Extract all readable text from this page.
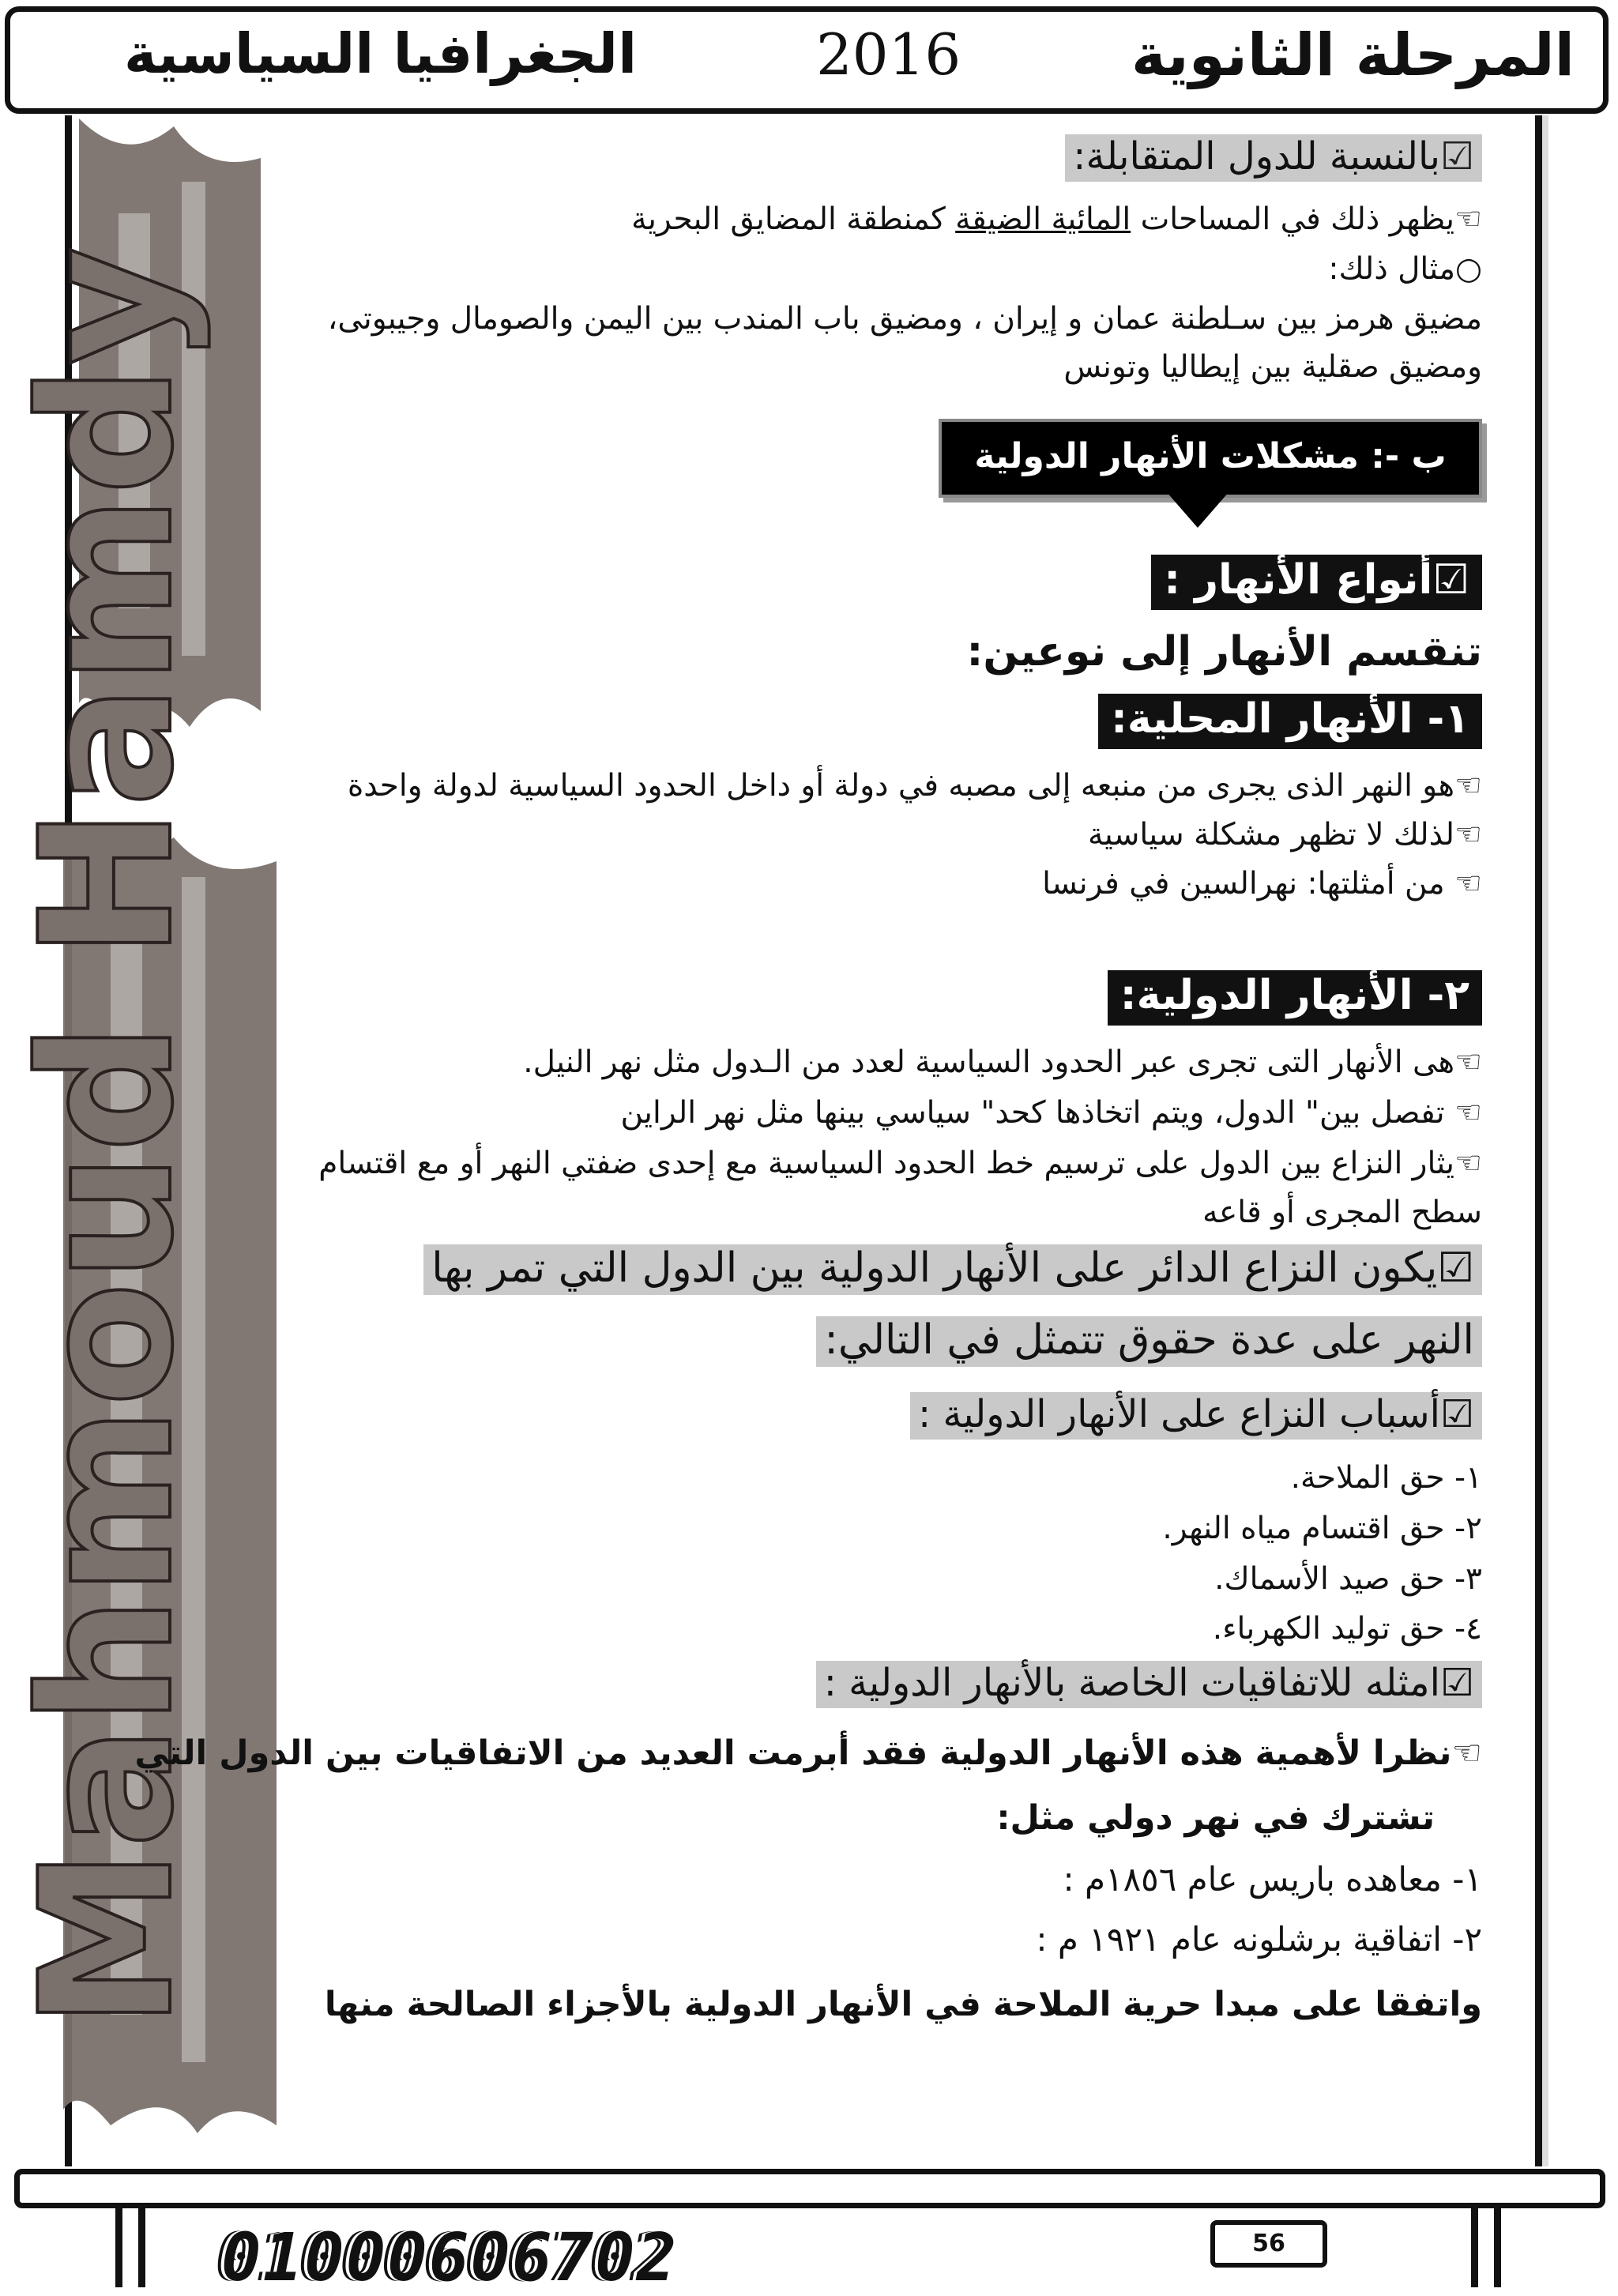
المرحلة الثانوية
2016
الجغرافيا السياسية
Mahmoud Hamdy
☑بالنسبة للدول المتقابلة:
☜يظهر ذلك في المساحات المائية الضيقة كمنطقة المضايق البحرية
○مثال ذلك:
مضيق هرمز بين سـلطنة عمان و إيران ، ومضيق باب المندب بين اليمن والصومال وجيبوتى،
ومضيق صقلية بين إيطاليا وتونس
ب -: مشكلات الأنهار الدولية
☑أنواع الأنهار :
تنقسم الأنهار إلى نوعين:
١- الأنهار المحلية:
☜هو النهر الذى يجرى من منبعه إلى مصبه في دولة أو داخل الحدود السياسية لدولة واحدة
☜لذلك لا تظهر مشكلة سياسية
☜ من أمثلتها: نهرالسين في فرنسا
٢- الأنهار الدولية:
☜هى الأنهار التى تجرى عبر الحدود السياسية لعدد من الـدول مثل نهر النيل.
☜ تفصل بين" الدول، ويتم اتخاذها كحد" سياسي بينها مثل نهر الراين
☜يثار النزاع بين الدول على ترسيم خط الحدود السياسية مع إحدى ضفتي النهر أو مع اقتسام
سطح المجرى أو قاعه
☑يكون النزاع الدائر على الأنهار الدولية بين الدول التي تمر بها
النهر على عدة حقوق تتمثل في التالي:
☑أسباب النزاع على الأنهار الدولية :
١- حق الملاحة.
٢- حق اقتسام مياه النهر.
٣- حق صيد الأسماك.
٤- حق توليد الكهرباء.
☑امثله للاتفاقيات الخاصة بالأنهار الدولية :
☜نظرا لأهمية هذه الأنهار الدولية فقد أبرمت العديد من الاتفاقيات بين الدول التي
تشترك في نهر دولي مثل:
١- معاهده باريس عام ١٨٥٦م :
٢- اتفاقية برشلونه عام ١٩٢١ م :
واتفقا على مبدا حرية الملاحة في الأنهار الدولية بالأجزاء الصالحة منها
01000606702	56
